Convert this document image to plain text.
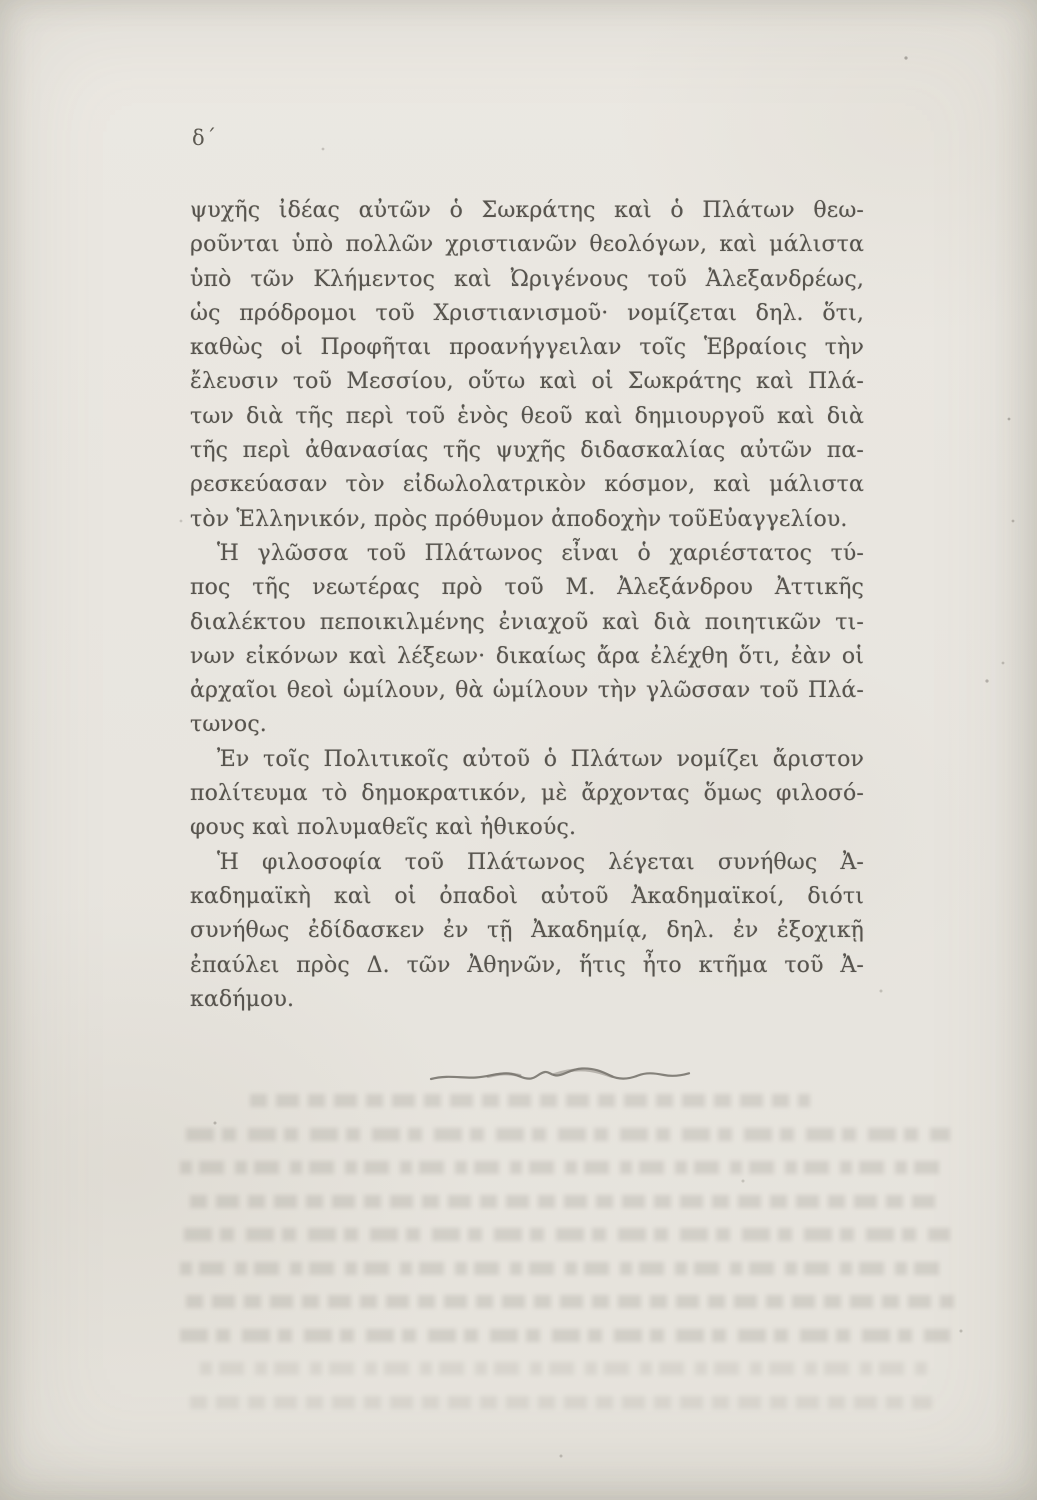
δ΄
ψυχῆς ἰδέας αὐτῶν ὁ Σωκράτης καὶ ὁ Πλάτων θεω-
ροῦνται ὑπὸ πολλῶν χριστιανῶν θεολόγων, καὶ μάλιστα
ὑπὸ τῶν Κλήμεντος καὶ Ὠριγένους τοῦ Ἀλεξανδρέως,
ὡς πρόδρομοι τοῦ Χριστιανισμοῦ· νομίζεται δηλ. ὅτι,
καθὼς οἱ Προφῆται προανήγγειλαν τοῖς Ἑβραίοις τὴν
ἔλευσιν τοῦ Μεσσίου, οὕτω καὶ οἱ Σωκράτης καὶ Πλά-
των διὰ τῆς περὶ τοῦ ἑνὸς θεοῦ καὶ δημιουργοῦ καὶ διὰ
τῆς περὶ ἀθανασίας τῆς ψυχῆς διδασκαλίας αὐτῶν πα-
ρεσκεύασαν τὸν εἰδωλολατρικὸν κόσμον, καὶ μάλιστα
τὸν Ἑλληνικόν, πρὸς πρόθυμον ἀποδοχὴν τοῦΕὐαγγελίου.
Ἡ γλῶσσα τοῦ Πλάτωνος εἶναι ὁ χαριέστατος τύ-
πος τῆς νεωτέρας πρὸ τοῦ Μ. Ἀλεξάνδρου Ἀττικῆς
διαλέκτου πεποικιλμένης ἐνιαχοῦ καὶ διὰ ποιητικῶν τι-
νων εἰκόνων καὶ λέξεων· δικαίως ἄρα ἐλέχθη ὅτι, ἐὰν οἱ
ἀρχαῖοι θεοὶ ὡμίλουν, θὰ ὡμίλουν τὴν γλῶσσαν τοῦ Πλά-
τωνος.
Ἐν τοῖς Πολιτικοῖς αὐτοῦ ὁ Πλάτων νομίζει ἄριστον
πολίτευμα τὸ δημοκρατικόν, μὲ ἄρχοντας ὅμως φιλοσό-
φους καὶ πολυμαθεῖς καὶ ἠθικούς.
Ἡ φιλοσοφία τοῦ Πλάτωνος λέγεται συνήθως Ἀ-
καδημαϊκὴ καὶ οἱ ὀπαδοὶ αὐτοῦ Ἀκαδημαϊκοί, διότι
συνήθως ἐδίδασκεν ἐν τῇ Ἀκαδημίᾳ, δηλ. ἐν ἐξοχικῇ
ἐπαύλει πρὸς Δ. τῶν Ἀθηνῶν, ἥτις ἦτο κτῆμα τοῦ Ἀ-
καδήμου.
